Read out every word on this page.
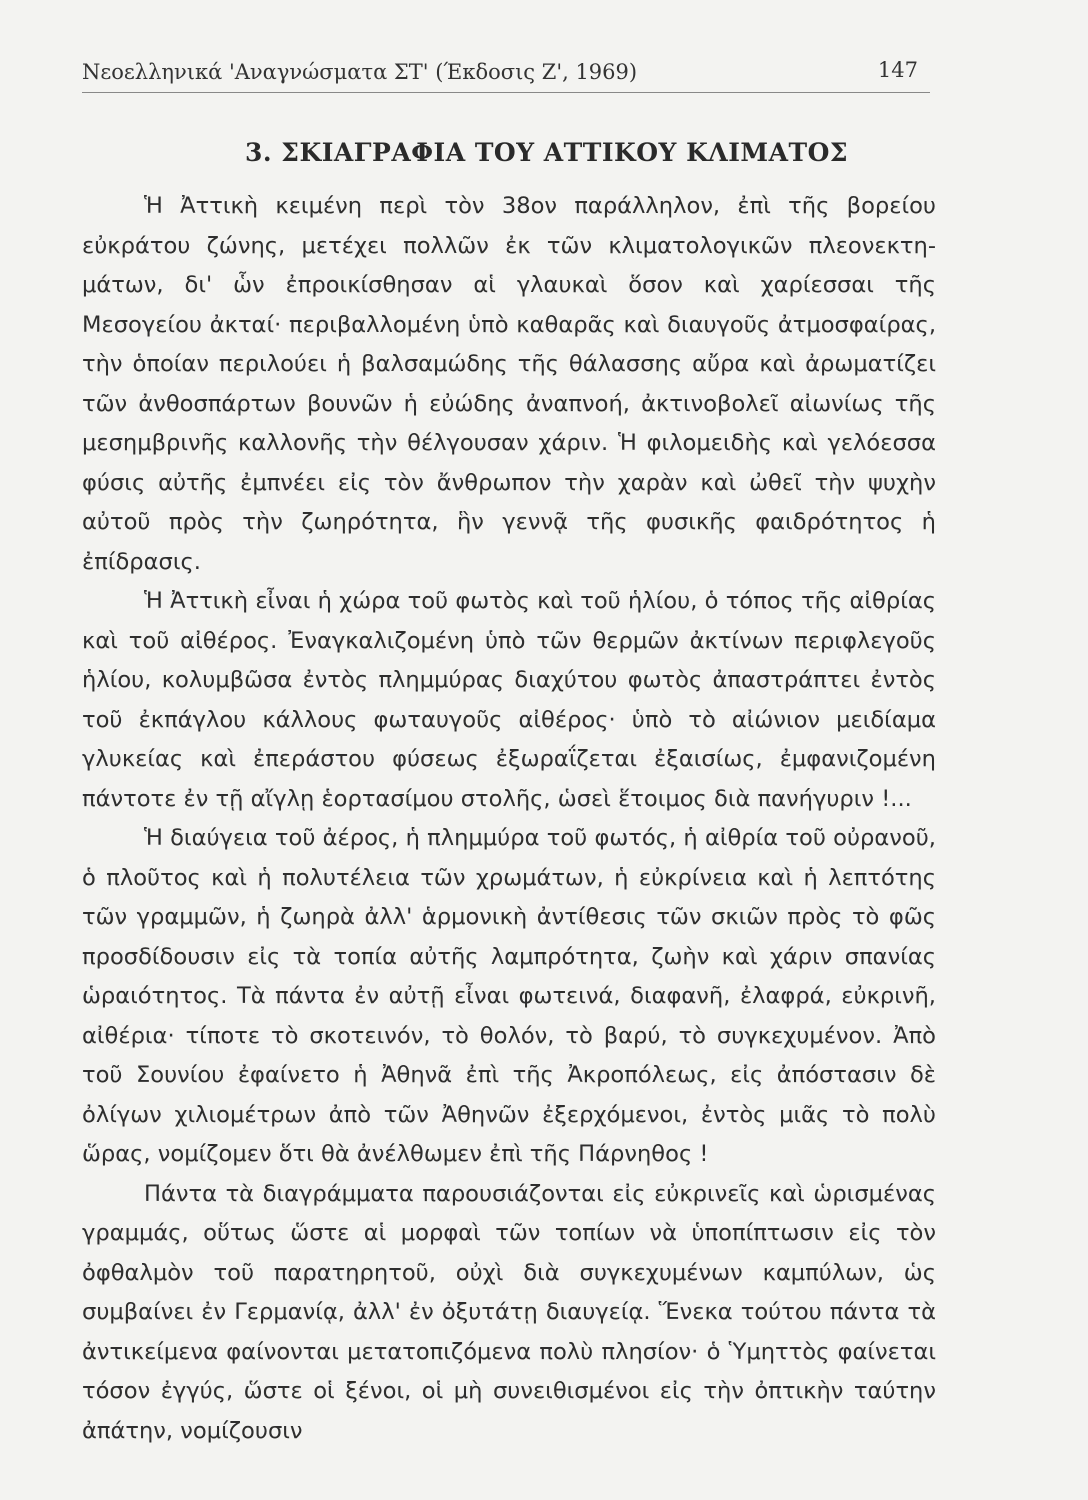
Νεοελληνικά 'Αναγνώσματα ΣΤ' (Έκδοσις Ζ', 1969)	147
3. ΣΚΙΑΓΡΑΦΙΑ ΤΟΥ ΑΤΤΙΚΟΥ ΚΛΙΜΑΤΟΣ

Ἡ Ἀττικὴ κειμένη περὶ τὸν 38ον παράλληλον, ἐπὶ τῆς βορείου εὐκράτου ζώνης, μετέχει πολλῶν ἐκ τῶν κλιματολογικῶν πλεονεκτημάτων, δι' ὧν ἐπροικίσθησαν αἱ γλαυκαὶ ὅσον καὶ χαρίεσσαι τῆς Μεσογείου ἀκταί· περιβαλλομένη ὑπὸ καθαρᾶς καὶ διαυγοῦς ἀτμοσφαίρας, τὴν ὁποίαν περιλούει ἡ βαλσαμώδης τῆς θάλασσης αὔρα καὶ ἀρωματίζει τῶν ἀνθοσπάρτων βουνῶν ἡ εὐώδης ἀναπνοή, ἀκτινοβολεῖ αἰωνίως τῆς μεσημβρινῆς καλλονῆς τὴν θέλγουσαν χάριν. Ἡ φιλομειδὴς καὶ γελόεσσα φύσις αὐτῆς ἐμπνέει εἰς τὸν ἄνθρωπον τὴν χαρὰν καὶ ὠθεῖ τὴν ψυχὴν αὐτοῦ πρὸς τὴν ζωηρότητα, ἣν γεννᾷ τῆς φυσικῆς φαιδρότητος ἡ ἐπίδρασις.

Ἡ Ἀττικὴ εἶναι ἡ χώρα τοῦ φωτὸς καὶ τοῦ ἡλίου, ὁ τόπος τῆς αἰθρίας καὶ τοῦ αἰθέρος. Ἐναγκαλιζομένη ὑπὸ τῶν θερμῶν ἀκτίνων περιφλεγοῦς ἡλίου, κολυμβῶσα ἐντὸς πλημμύρας διαχύτου φωτὸς ἀπαστράπτει ἐντὸς τοῦ ἐκπάγλου κάλλους φωταυγοῦς αἰθέρος· ὑπὸ τὸ αἰώνιον μειδίαμα γλυκείας καὶ ἐπεράστου φύσεως ἐξωραΐζεται ἐξαισίως, ἐμφανιζομένη πάντοτε ἐν τῇ αἴγλῃ ἑορτασίμου στολῆς, ὡσεὶ ἕτοιμος διὰ πανήγυριν !...

Ἡ διαύγεια τοῦ ἀέρος, ἡ πλημμύρα τοῦ φωτός, ἡ αἰθρία τοῦ οὐρανοῦ, ὁ πλοῦτος καὶ ἡ πολυτέλεια τῶν χρωμάτων, ἡ εὐκρίνεια καὶ ἡ λεπτότης τῶν γραμμῶν, ἡ ζωηρὰ ἀλλ' ἁρμονικὴ ἀντίθεσις τῶν σκιῶν πρὸς τὸ φῶς προσδίδουσιν εἰς τὰ τοπία αὐτῆς λαμπρότητα, ζωὴν καὶ χάριν σπανίας ὡραιότητος. Τὰ πάντα ἐν αὐτῇ εἶναι φωτεινά, διαφανῆ, ἐλαφρά, εὐκρινῆ, αἰθέρια· τίποτε τὸ σκοτεινόν, τὸ θολόν, τὸ βαρύ, τὸ συγκεχυμένον. Ἀπὸ τοῦ Σουνίου ἐφαίνετο ἡ Ἀθηνᾶ ἐπὶ τῆς Ἀκροπόλεως, εἰς ἀπόστασιν δὲ ὀλίγων χιλιομέτρων ἀπὸ τῶν Ἀθηνῶν ἐξερχόμενοι, ἐντὸς μιᾶς τὸ πολὺ ὥρας, νομίζομεν ὅτι θὰ ἀνέλθωμεν ἐπὶ τῆς Πάρνηθος !

Πάντα τὰ διαγράμματα παρουσιάζονται εἰς εὐκρινεῖς καὶ ὡρισμένας γραμμάς, οὕτως ὥστε αἱ μορφαὶ τῶν τοπίων νὰ ὑποπίπτωσιν εἰς τὸν ὀφθαλμὸν τοῦ παρατηρητοῦ, οὐχὶ διὰ συγκεχυμένων καμπύλων, ὡς συμβαίνει ἐν Γερμανίᾳ, ἀλλ' ἐν ὀξυτάτῃ διαυγείᾳ. Ἕνεκα τούτου πάντα τὰ ἀντικείμενα φαίνονται μετατοπιζόμενα πολὺ πλησίον· ὁ Ὑμηττὸς φαίνεται τόσον ἐγγύς, ὥστε οἱ ξένοι, οἱ μὴ συνειθισμένοι εἰς τὴν ὀπτικὴν ταύτην ἀπάτην, νομίζουσιν
